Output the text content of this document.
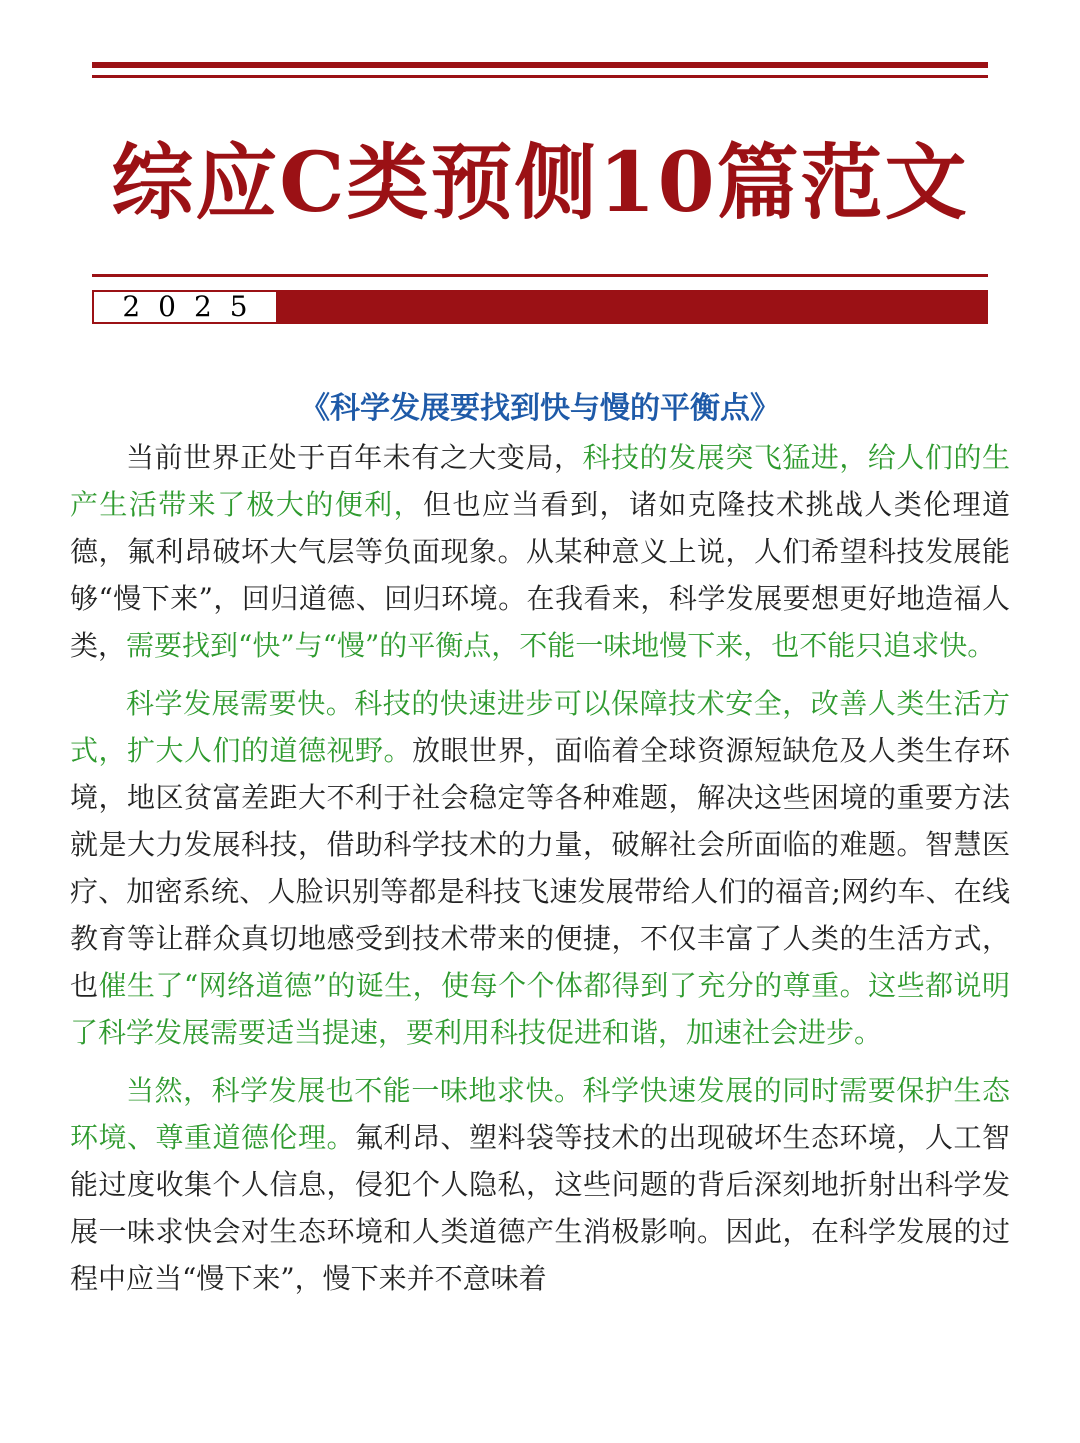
综应C类预侧10篇范文
2025
《科学发展要找到快与慢的平衡点》

当前世界正处于百年未有之大变局，科技的发展突飞猛进，给人们的生产生活带来了极大的便利，但也应当看到，诸如克隆技术挑战人类伦理道德，氟利昂破坏大气层等负面现象。从某种意义上说，人们希望科技发展能够“慢下来”，回归道德、回归环境。在我看来，科学发展要想更好地造福人类，需要找到“快”与“慢”的平衡点，不能一味地慢下来，也不能只追求快。

科学发展需要快。科技的快速进步可以保障技术安全，改善人类生活方式，扩大人们的道德视野。放眼世界，面临着全球资源短缺危及人类生存环境，地区贫富差距大不利于社会稳定等各种难题，解决这些困境的重要方法就是大力发展科技，借助科学技术的力量，破解社会所面临的难题。智慧医疗、加密系统、人脸识别等都是科技飞速发展带给人们的福音;网约车、在线教育等让群众真切地感受到技术带来的便捷，不仅丰富了人类的生活方式，也催生了“网络道德”的诞生，使每个个体都得到了充分的尊重。这些都说明了科学发展需要适当提速，要利用科技促进和谐，加速社会进步。

当然，科学发展也不能一味地求快。科学快速发展的同时需要保护生态环境、尊重道德伦理。氟利昂、塑料袋等技术的出现破坏生态环境，人工智能过度收集个人信息，侵犯个人隐私，这些问题的背后深刻地折射出科学发展一味求快会对生态环境和人类道德产生消极影响。因此，在科学发展的过程中应当“慢下来”，慢下来并不意味着
